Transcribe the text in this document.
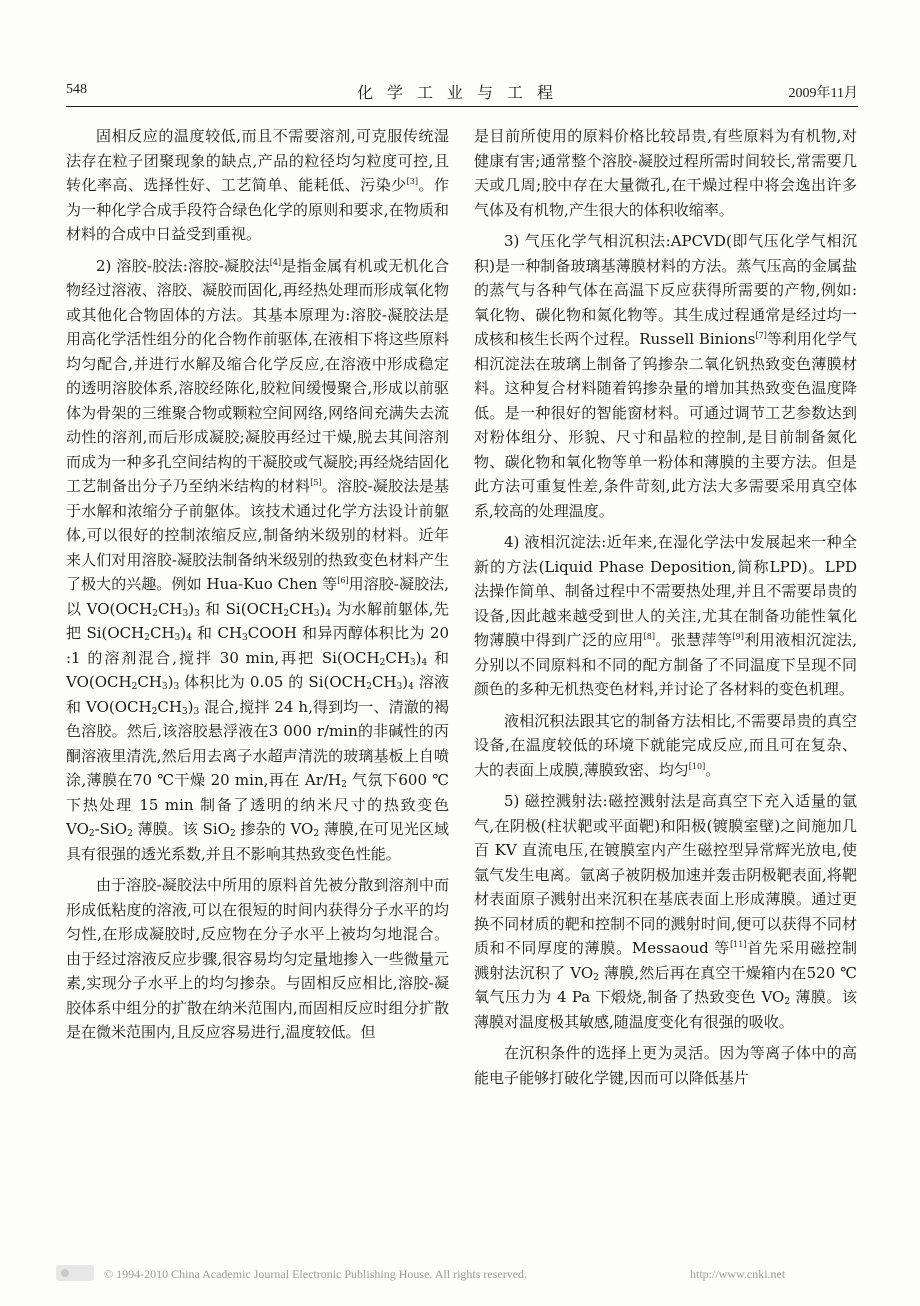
548	化学工业与工程	2009年11月

固相反应的温度较低,而且不需要溶剂,可克服传统湿法存在粒子团聚现象的缺点,产品的粒径均匀粒度可控,且转化率高、选择性好、工艺简单、能耗低、污染少[3]。作为一种化学合成手段符合绿色化学的原则和要求,在物质和材料的合成中日益受到重视。

2) 溶胶-胶法:溶胶-凝胶法[4]是指金属有机或无机化合物经过溶液、溶胶、凝胶而固化,再经热处理而形成氧化物或其他化合物固体的方法。其基本原理为:溶胶-凝胶法是用高化学活性组分的化合物作前驱体,在液相下将这些原料均匀配合,并进行水解及缩合化学反应,在溶液中形成稳定的透明溶胶体系,溶胶经陈化,胶粒间缓慢聚合,形成以前驱体为骨架的三维聚合物或颗粒空间网络,网络间充满失去流动性的溶剂,而后形成凝胶;凝胶再经过干燥,脱去其间溶剂而成为一种多孔空间结构的干凝胶或气凝胶;再经烧结固化工艺制备出分子乃至纳米结构的材料[5]。溶胶-凝胶法是基于水解和浓缩分子前躯体。该技术通过化学方法设计前躯体,可以很好的控制浓缩反应,制备纳米级别的材料。近年来人们对用溶胶-凝胶法制备纳米级别的热致变色材料产生了极大的兴趣。例如 Hua-Kuo Chen 等[6]用溶胶-凝胶法,以 $VO(OCH_2CH_3)_3$ 和 $Si(OCH_2CH_3)_4$ 为水解前躯体,先把 $Si(OCH_2CH_3)_4$ 和 $CH_3COOH$ 和异丙醇体积比为 20 :1 的溶剂混合,搅拌 30 min,再把 $Si(OCH_2CH_3)_4$ 和 $VO(OCH_2CH_3)_3$ 体积比为 0.05 的 $Si(OCH_2CH_3)_4$ 溶液和 $VO(OCH_2CH_3)_3$ 混合,搅拌 24 h,得到均一、清澈的褐色溶胶。然后,该溶胶悬浮液在3 000 r/min的非碱性的丙酮溶液里清洗,然后用去离子水超声清洗的玻璃基板上自喷涂,薄膜在70 ℃干燥 20 min,再在 $Ar/H_2$ 气氛下600 ℃下热处理 15 min 制备了透明的纳米尺寸的热致变色 $VO_2-SiO_2$ 薄膜。该 SiO$_2$ 掺杂的 $VO_2$ 薄膜,在可见光区域具有很强的透光系数,并且不影响其热致变色性能。

由于溶胶-凝胶法中所用的原料首先被分散到溶剂中而形成低粘度的溶液,可以在很短的时间内获得分子水平的均匀性,在形成凝胶时,反应物在分子水平上被均匀地混合。由于经过溶液反应步骤,很容易均匀定量地掺入一些微量元素,实现分子水平上的均匀掺杂。与固相反应相比,溶胶-凝胶体系中组分的扩散在纳米范围内,而固相反应时组分扩散是在微米范围内,且反应容易进行,温度较低。但

是目前所使用的原料价格比较昂贵,有些原料为有机物,对健康有害;通常整个溶胶-凝胶过程所需时间较长,常需要几天或几周;胶中存在大量微孔,在干燥过程中将会逸出许多气体及有机物,产生很大的体积收缩率。

3) 气压化学气相沉积法:APCVD(即气压化学气相沉积)是一种制备玻璃基薄膜材料的方法。蒸气压高的金属盐的蒸气与各种气体在高温下反应获得所需要的产物,例如:氧化物、碳化物和氮化物等。其生成过程通常是经过均一成核和核生长两个过程。Russell Binions[7]等利用化学气相沉淀法在玻璃上制备了钨掺杂二氧化钒热致变色薄膜材料。这种复合材料随着钨掺杂量的增加其热致变色温度降低。是一种很好的智能窗材料。可通过调节工艺参数达到对粉体组分、形貌、尺寸和晶粒的控制,是目前制备氮化物、碳化物和氧化物等单一粉体和薄膜的主要方法。但是此方法可重复性差,条件苛刻,此方法大多需要采用真空体系,较高的处理温度。

4) 液相沉淀法:近年来,在湿化学法中发展起来一种全新的方法(Liquid Phase Deposition,简称LPD)。LPD 法操作简单、制备过程中不需要热处理,并且不需要昂贵的设备,因此越来越受到世人的关注,尤其在制备功能性氧化物薄膜中得到广泛的应用[8]。张慧萍等[9]利用液相沉淀法,分别以不同原料和不同的配方制备了不同温度下呈现不同颜色的多种无机热变色材料,并讨论了各材料的变色机理。

液相沉积法跟其它的制备方法相比,不需要昂贵的真空设备,在温度较低的环境下就能完成反应,而且可在复杂、大的表面上成膜,薄膜致密、均匀[10]。

5) 磁控溅射法:磁控溅射法是高真空下充入适量的氩气,在阴极(柱状靶或平面靶)和阳极(镀膜室壁)之间施加几百 KV 直流电压,在镀膜室内产生磁控型异常辉光放电,使氩气发生电离。氩离子被阴极加速并轰击阴极靶表面,将靶材表面原子溅射出来沉积在基底表面上形成薄膜。通过更换不同材质的靶和控制不同的溅射时间,便可以获得不同材质和不同厚度的薄膜。Messaoud 等[11]首先采用磁控制溅射法沉积了 $VO_2$ 薄膜,然后再在真空干燥箱内在520 ℃氧气压力为 4 Pa 下煅烧,制备了热致变色 $VO_2$ 薄膜。该薄膜对温度极其敏感,随温度变化有很强的吸收。

在沉积条件的选择上更为灵活。因为等离子体中的高能电子能够打破化学键,因而可以降低基片

© 1994-2010 China Academic Journal Electronic Publishing House. All rights reserved.	http://www.cnki.net
